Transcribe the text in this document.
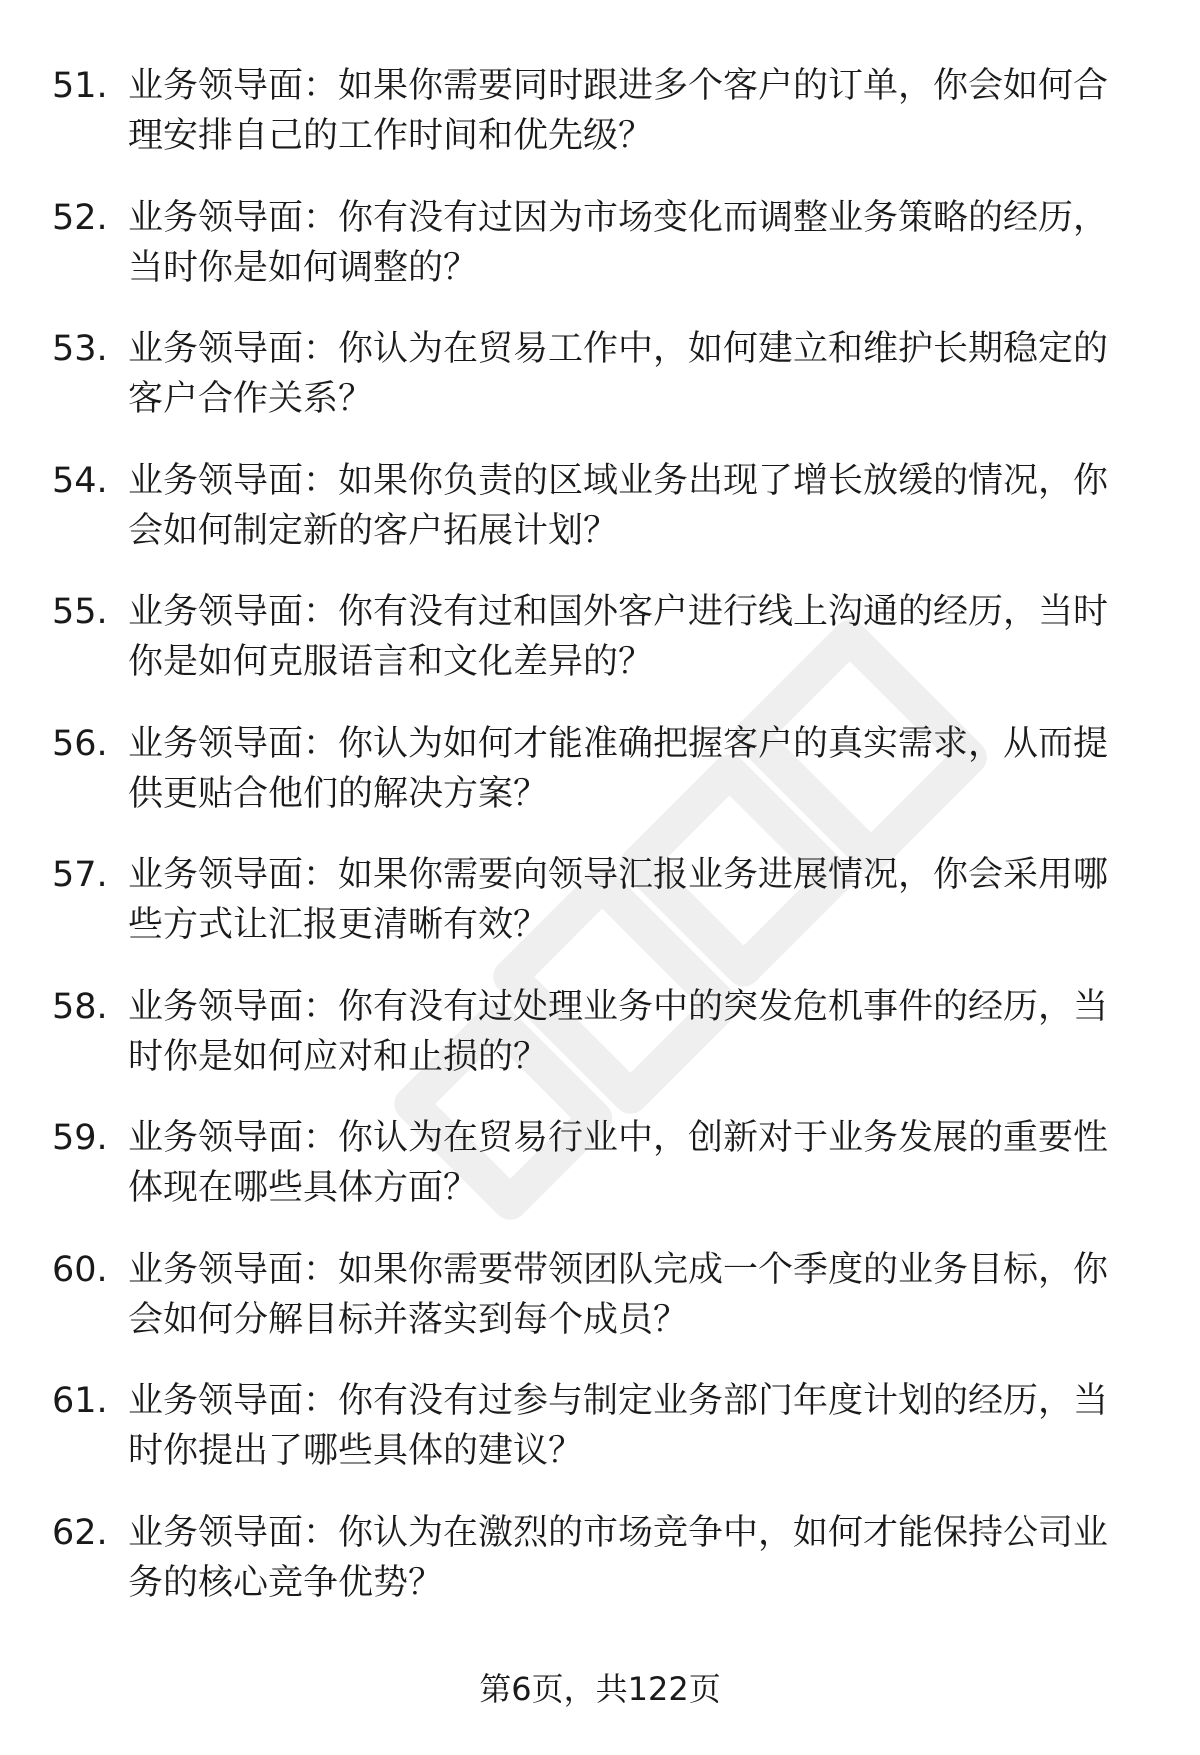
51. 业务领导面：如果你需要同时跟进多个客户的订单，你会如何合理安排自己的工作时间和优先级？
52. 业务领导面：你有没有过因为市场变化而调整业务策略的经历，当时你是如何调整的？
53. 业务领导面：你认为在贸易工作中，如何建立和维护长期稳定的客户合作关系？
54. 业务领导面：如果你负责的区域业务出现了增长放缓的情况，你会如何制定新的客户拓展计划？
55. 业务领导面：你有没有过和国外客户进行线上沟通的经历，当时你是如何克服语言和文化差异的？
56. 业务领导面：你认为如何才能准确把握客户的真实需求，从而提供更贴合他们的解决方案？
57. 业务领导面：如果你需要向领导汇报业务进展情况，你会采用哪些方式让汇报更清晰有效？
58. 业务领导面：你有没有过处理业务中的突发危机事件的经历，当时你是如何应对和止损的？
59. 业务领导面：你认为在贸易行业中，创新对于业务发展的重要性体现在哪些具体方面？
60. 业务领导面：如果你需要带领团队完成一个季度的业务目标，你会如何分解目标并落实到每个成员？
61. 业务领导面：你有没有过参与制定业务部门年度计划的经历，当时你提出了哪些具体的建议？
62. 业务领导面：你认为在激烈的市场竞争中，如何才能保持公司业务的核心竞争优势？
第6页，共122页
